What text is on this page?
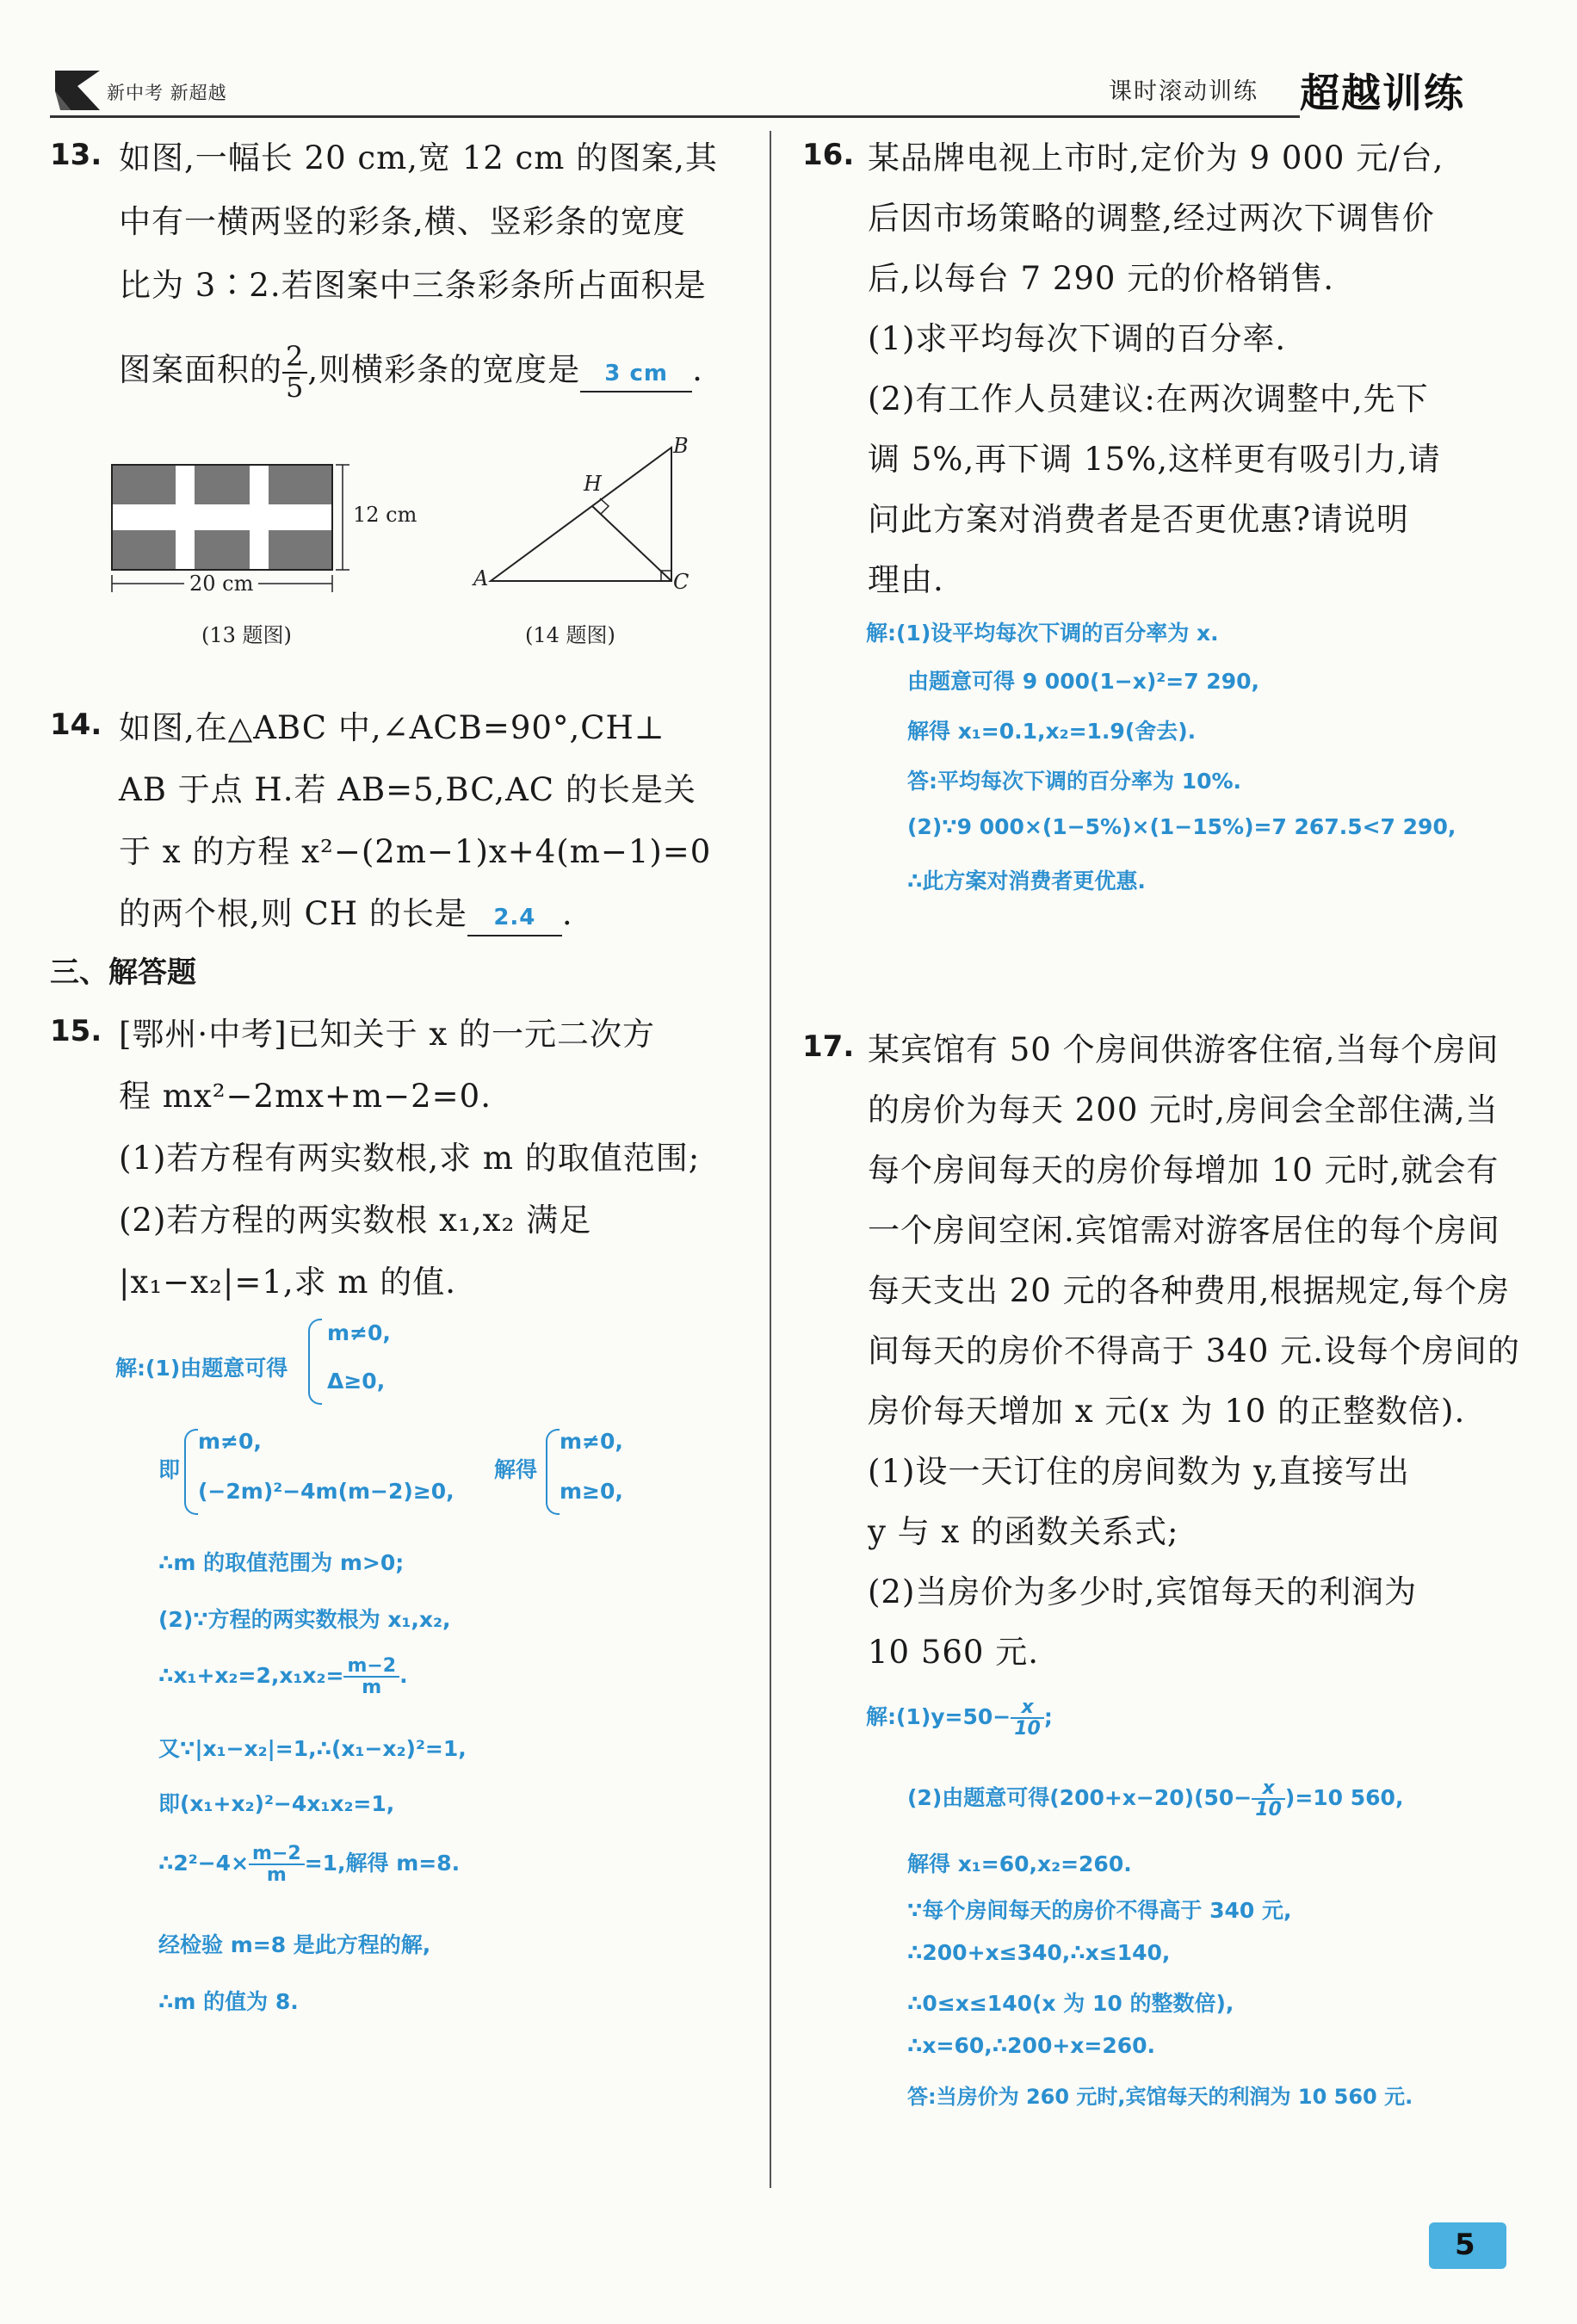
新中考 新超越	课时滚动训练 超越训练
13. 如图,一幅长 20 cm,宽 12 cm 的图案,其
中有一横两竖的彩条,横、竖彩条的宽度
比为 3∶2.若图案中三条彩条所占面积是
图案面积的 $\frac{2}{5}$ ,则横彩条的宽度是 3 cm .
12 cm
20 cm
(13 题图)
A
B
C
H
(14 题图)
14. 如图,在△ABC 中,∠ACB=90°,CH⊥
AB 于点 H.若 AB=5,BC,AC 的长是关
于 x 的方程 x²−(2m−1)x+4(m−1)=0
的两个根,则 CH 的长是 2.4 .
三、解答题
15. [鄂州·中考]已知关于 x 的一元二次方
程 mx²−2mx+m−2=0.
(1)若方程有两实数根,求 m 的取值范围;
(2)若方程的两实数根 x₁,x₂ 满足
|x₁−x₂|=1,求 m 的值.
解:(1)由题意可得
m≠0,
Δ≥0,
即
m≠0,
(−2m)²−4m(m−2)≥0,
解得
m≠0,
m≥0,
∴m 的取值范围为 m>0;
(2)∵方程的两实数根为 x₁,x₂,
∴x₁+x₂=2,x₁x₂= $\frac{m-2}{m}$ .
又∵|x₁−x₂|=1,∴(x₁−x₂)²=1,
即(x₁+x₂)²−4x₁x₂=1,
∴2²−4× $\frac{m-2}{m} =1$,解得 m=8.
经检验 m=8 是此方程的解,
∴m 的值为 8.
16. 某品牌电视上市时,定价为 9 000 元/台,
后因市场策略的调整,经过两次下调售价
后,以每台 7 290 元的价格销售.
(1)求平均每次下调的百分率.
(2)有工作人员建议:在两次调整中,先下
调 5%,再下调 15%,这样更有吸引力,请
问此方案对消费者是否更优惠?请说明
理由.
解:(1)设平均每次下调的百分率为 x.
由题意可得 9 000(1−x)²=7 290,
解得 x₁=0.1,x₂=1.9(舍去).
答:平均每次下调的百分率为 10%.
(2)∵9 000×(1−5%)×(1−15%)=7 267.5<7 290,
∴此方案对消费者更优惠.
17. 某宾馆有 50 个房间供游客住宿,当每个房间
的房价为每天 200 元时,房间会全部住满,当
每个房间每天的房价每增加 10 元时,就会有
一个房间空闲.宾馆需对游客居住的每个房间
每天支出 20 元的各种费用,根据规定,每个房
间每天的房价不得高于 340 元.设每个房间的
房价每天增加 x 元(x 为 10 的正整数倍).
(1)设一天订住的房间数为 y,直接写出
y 与 x 的函数关系式;
(2)当房价为多少时,宾馆每天的利润为
10 560 元.
解:(1)y=50− $\frac{x}{10}$ ;
(2)由题意可得$(200+x-20)(50- \frac{x}{10} )=10$ 560,
解得 x₁=60,x₂=260.
∵每个房间每天的房价不得高于 340 元,
∴200+x≤340,∴x≤140,
∴0≤x≤140(x 为 10 的整数倍),
∴x=60,∴200+x=260.
答:当房价为 260 元时,宾馆每天的利润为 10 560 元.
5
